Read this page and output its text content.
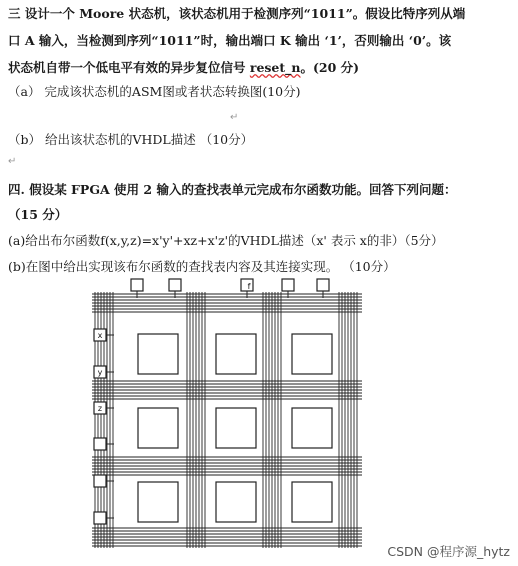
三 设计一个 Moore 状态机，该状态机用于检测序列“1011”。假设比特序列从端
口 A 输入，当检测到序列“1011”时，输出端口 K 输出 ‘1’，否则输出 ‘0’。该
状态机自带一个低电平有效的异步复位信号 reset_n。(20 分)
（a） 完成该状态机的ASM图或者状态转换图(10分)
↵
（b） 给出该状态机的VHDL描述 （10分）
↵
四. 假设某 FPGA 使用 2 输入的查找表单元完成布尔函数功能。回答下列问题：
（15 分）
(a)给出布尔函数f(x,y,z)=x'y'+xz+x'z'的VHDL描述（x' 表示 x的非）（5分）
(b)在图中给出实现该布尔函数的查找表内容及其连接实现。 （10分）
f
x
y
z
CSDN @程序源_hytz
